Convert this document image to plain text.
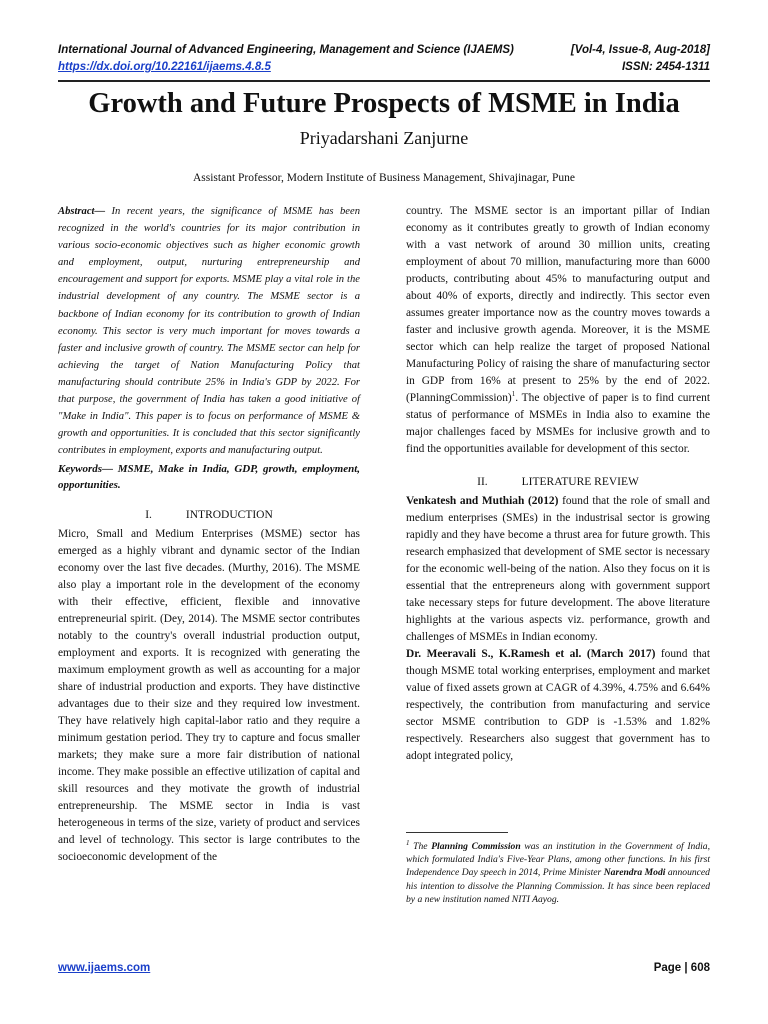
International Journal of Advanced Engineering, Management and Science (IJAEMS)	[Vol-4, Issue-8, Aug-2018]
https://dx.doi.org/10.22161/ijaems.4.8.5	ISSN: 2454-1311
Growth and Future Prospects of MSME in India
Priyadarshani Zanjurne
Assistant Professor, Modern Institute of Business Management, Shivajinagar, Pune

Abstract— In recent years, the significance of MSME has been recognized in the world's countries for its major contribution in various socio-economic objectives such as higher economic growth and employment, output, nurturing entrepreneurship and encouragement and support for exports. MSME play a vital role in the industrial development of any country. The MSME sector is a backbone of Indian economy for its contribution to growth of Indian economy. This sector is very much important for moves towards a faster and inclusive growth of country. The MSME sector can help for achieving the target of Nation Manufacturing Policy that manufacturing should contribute 25% in India's GDP by 2022. For that purpose, the government of India has taken a good initiative of "Make in India". This paper is to focus on performance of MSME & growth and opportunities. It is concluded that this sector significantly contributes in employment, exports and manufacturing output.

Keywords— MSME, Make in India, GDP, growth, employment, opportunities.

I.	INTRODUCTION

Micro, Small and Medium Enterprises (MSME) sector has emerged as a highly vibrant and dynamic sector of the Indian economy over the last five decades. (Murthy, 2016). The MSME also play a important role in the development of the economy with their effective, efficient, flexible and innovative entrepreneurial spirit. (Dey, 2014). The MSME sector contributes notably to the country's overall industrial production output, employment and exports. It is recognized with generating the maximum employment growth as well as accounting for a major share of industrial production and exports. They have distinctive advantages due to their size and they required low investment. They have relatively high capital-labor ratio and they require a minimum gestation period. They try to capture and focus smaller markets; they make sure a more fair distribution of national income. They make possible an effective utilization of capital and skill resources and they motivate the growth of industrial entrepreneurship. The MSME sector in India is vast heterogeneous in terms of the size, variety of product and services and level of technology. This sector is large contributes to the socioeconomic development of the

country. The MSME sector is an important pillar of Indian economy as it contributes greatly to growth of Indian economy with a vast network of around 30 million units, creating employment of about 70 million, manufacturing more than 6000 products, contributing about 45% to manufacturing output and about 40% of exports, directly and indirectly. This sector even assumes greater importance now as the country moves towards a faster and inclusive growth agenda. Moreover, it is the MSME sector which can help realize the target of proposed National Manufacturing Policy of raising the share of manufacturing sector in GDP from 16% at present to 25% by the end of 2022. (PlanningCommission)$^1$. The objective of paper is to find current status of performance of MSMEs in India also to examine the major challenges faced by MSMEs for inclusive growth and to find the opportunities available for development of this sector.

II.	LITERATURE REVIEW

Venkatesh and Muthiah (2012) found that the role of small and medium enterprises (SMEs) in the industrisal sector is growing rapidly and they have become a thrust area for future growth. This research emphasized that development of SME sector is necessary for the economic well-being of the nation. Also they focus on it is essential that the entrepreneurs along with government support take necessary steps for future development. The above literature highlights at the various aspects viz. performance, growth and challenges of MSMEs in Indian economy.

Dr. Meeravali S., K.Ramesh et al. (March 2017) found that though MSME total working enterprises, employment and market value of fixed assets grown at CAGR of 4.39%, 4.75% and 6.64% respectively, the contribution from manufacturing and service sector MSME contribution to GDP is -1.53% and 1.82% respectively. Researchers also suggest that government has to adopt integrated policy,

$^1$ The Planning Commission was an institution in the Government of India, which formulated India's Five-Year Plans, among other functions. In his first Independence Day speech in 2014, Prime Minister Narendra Modi announced his intention to dissolve the Planning Commission. It has since been replaced by a new institution named NITI Aayog.
www.ijaems.com	Page | 608
